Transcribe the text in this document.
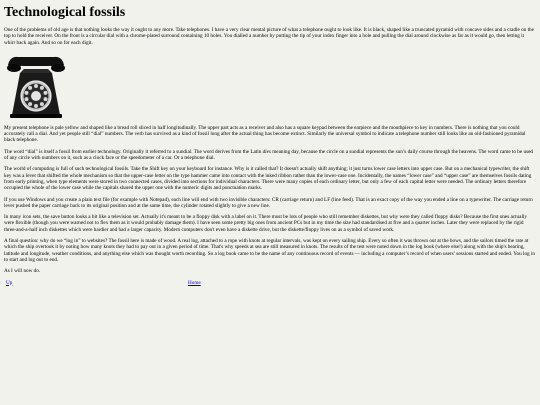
Technological fossils

One of the problems of old age is that nothing looks the way it ought to any more. Take telephones. I have a very clear mental picture of what a telephone ought to look like. It is black, shaped like a truncated pyramid with concave sides and a cradle on the top to hold the receiver. On the front is a circular dial with a chrome-plated surround containing 10 holes. You dialled a number by putting the tip of your index finger into a hole and pulling the dial around clockwise as far as it would go, then letting it whirr back again. And so on for each digit.

My present telephone is pale yellow and shaped like a bread roll sliced in half longitudinally. The upper part acts as a receiver and also has a square keypad between the earpiece and the mouthpiece to key in numbers. There is nothing that you could accurately call a dial. And yet people still “dial” numbers. The verb has survived as a kind of fossil long after the actual thing has become extinct. Similarly the universal symbol to indicate a telephone number still looks like an old-fashioned pyramidal black telephone.

The word “dial” is itself a fossil from earlier technology. Originally it referred to a sundial. The word derives from the Latin dies meaning day, because the circle on a sundial represents the sun’s daily course through the heavens. The word came to be used of any circle with numbers on it, such as a clock face or the speedometer of a car. Or a telephone dial.

The world of computing is full of such technological fossils. Take the Shift key on your keyboard for instance. Why is it called that? It doesn't actually shift anything; it just turns lower case letters into upper case. But on a mechanical typewriter, the shift key was a lever that shifted the whole mechanism so that the upper-case letter on the type hammer came into contact with the inked ribbon rather than the lower-case one. Incidentally, the names “lower case” and “upper case” are themselves fossils dating from early printing, when type elements were stored in two connected cases, divided into sections for individual characters. There were many copies of each ordinary letter, but only a few of each capital letter were needed. The ordinary letters therefore occupied the whole of the lower case while the capitals shared the upper one with the numeric digits and punctuation marks.

If you use Windows and you create a plain text file (for example with Notepad), each line will end with two invisible characters: CR (carriage return) and LF (line feed). That is an exact copy of the way you ended a line on a typewriter. The carriage return lever pushed the paper carriage back to its original position and at the same time, the cylinder rotated slightly to give a new line.

In many icon sets, the save button looks a bit like a television set. Actually it's meant to be a floppy disk with a label on it. There must be lots of people who still remember diskettes, but why were they called floppy disks? Because the first ones actually were flexible (though you were warned not to flex them as it would probably damage them). I have seen some pretty big ones from ancient PCs but in my time the size had standardised at five and a quarter inches. Later they were replaced by the rigid three-and-a-half inch diskettes which were hardier and had a larger capacity. Modern computers don't even have a diskette drive, but the diskette/floppy lives on as a symbol of saved work.

A final question: why do we “log in” to websites? The fossil here is made of wood. A real log, attached to a rope with knots at regular intervals, was kept on every sailing ship. Every so often it was thrown out at the bows, and the sailors timed the rate at which the ship overtook it by noting how many knots they had to pay out in a given period of time. That's why speeds at sea are still measured in knots. The results of the test were noted down in the log book (where else!) along with the ship's bearing, latitude and longitude, weather conditions, and anything else which was thought worth recording. So a log book came to be the name of any continuous record of events — including a computer’s record of when users’ sessions started and ended. You log in to start and log out to end.

As I will now do.

Up	Home
